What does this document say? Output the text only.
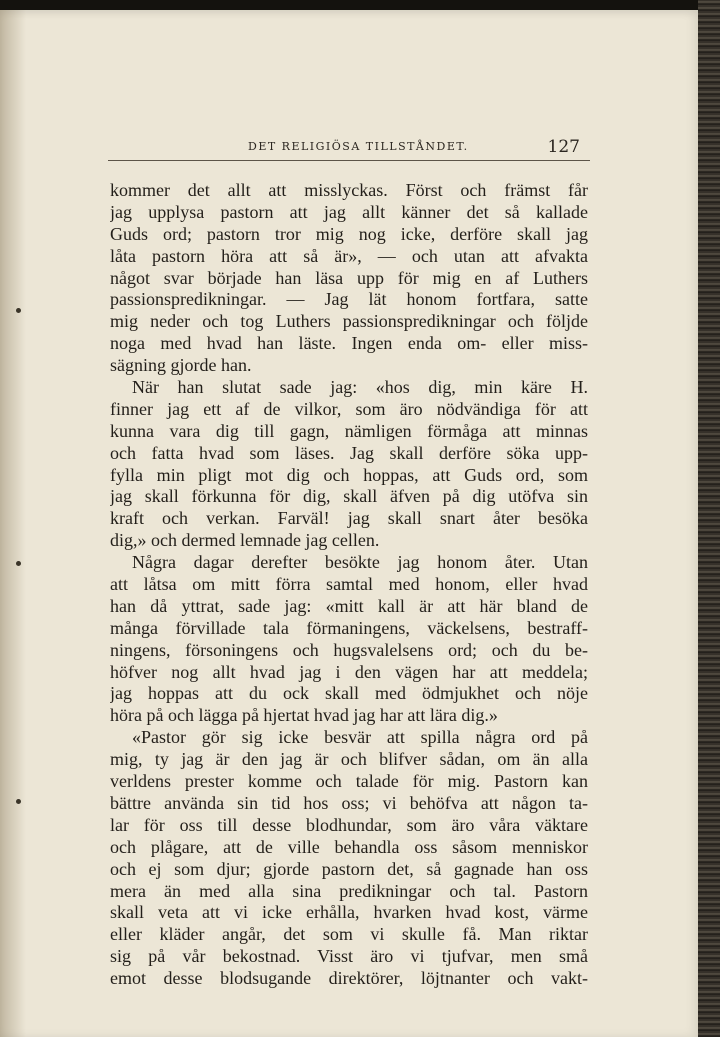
DET RELIGIÖSA TILLSTÅNDET.	127
kommer det allt att misslyckas. Först och främst får
jag upplysa pastorn att jag allt känner det så kallade
Guds ord; pastorn tror mig nog icke, derföre skall jag
låta pastorn höra att så är», — och utan att afvakta
något svar började han läsa upp för mig en af Luthers
passionspredikningar. — Jag lät honom fortfara, satte
mig neder och tog Luthers passionspredikningar och följde
noga med hvad han läste. Ingen enda om- eller miss-
sägning gjorde han.
När han slutat sade jag: «hos dig, min käre H.
finner jag ett af de vilkor, som äro nödvändiga för att
kunna vara dig till gagn, nämligen förmåga att minnas
och fatta hvad som läses. Jag skall derföre söka upp-
fylla min pligt mot dig och hoppas, att Guds ord, som
jag skall förkunna för dig, skall äfven på dig utöfva sin
kraft och verkan. Farväl! jag skall snart åter besöka
dig,» och dermed lemnade jag cellen.
Några dagar derefter besökte jag honom åter. Utan
att låtsa om mitt förra samtal med honom, eller hvad
han då yttrat, sade jag: «mitt kall är att här bland de
många förvillade tala förmaningens, väckelsens, bestraff-
ningens, försoningens och hugsvalelsens ord; och du be-
höfver nog allt hvad jag i den vägen har att meddela;
jag hoppas att du ock skall med ödmjukhet och nöje
höra på och lägga på hjertat hvad jag har att lära dig.»
«Pastor gör sig icke besvär att spilla några ord på
mig, ty jag är den jag är och blifver sådan, om än alla
verldens prester komme och talade för mig. Pastorn kan
bättre använda sin tid hos oss; vi behöfva att någon ta-
lar för oss till desse blodhundar, som äro våra väktare
och plågare, att de ville behandla oss såsom menniskor
och ej som djur; gjorde pastorn det, så gagnade han oss
mera än med alla sina predikningar och tal. Pastorn
skall veta att vi icke erhålla, hvarken hvad kost, värme
eller kläder angår, det som vi skulle få. Man riktar
sig på vår bekostnad. Visst äro vi tjufvar, men små
emot desse blodsugande direktörer, löjtnanter och vakt-
